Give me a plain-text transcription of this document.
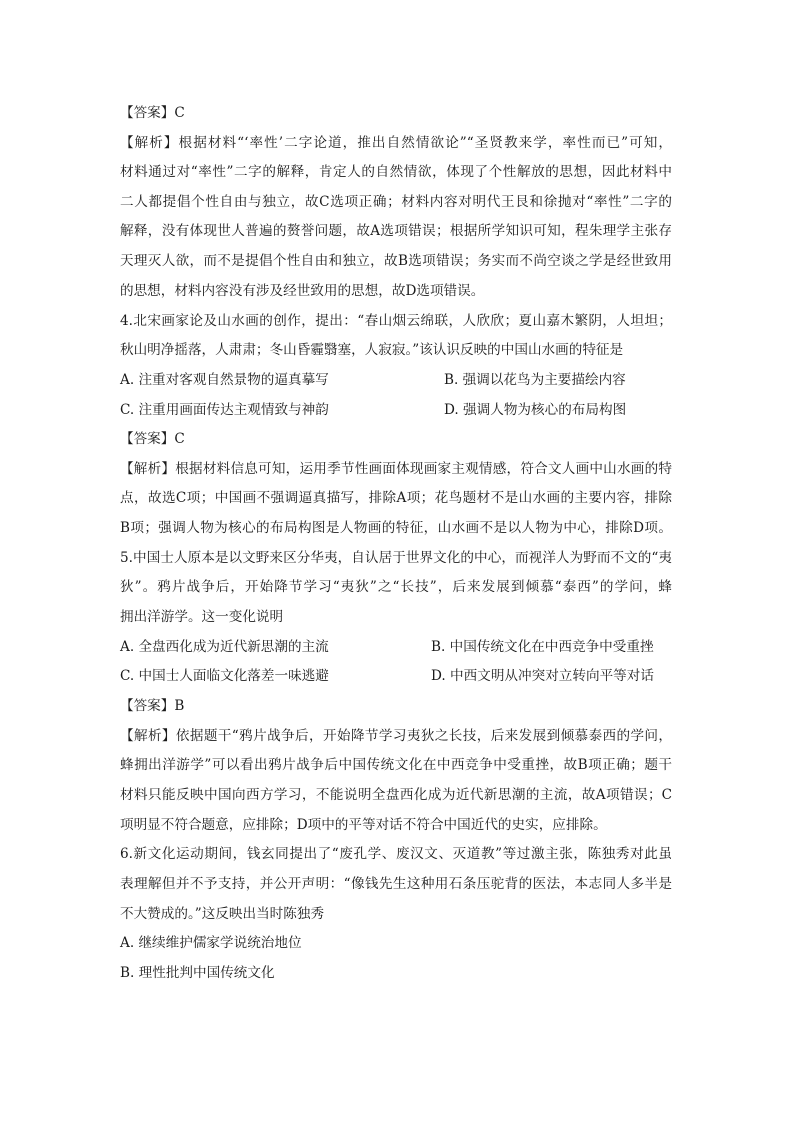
【答案】C
【解析】根据材料“‘率性’二字论道，推出自然情欲论”“圣贤教来学，率性而已”可知，
材料通过对“率性”二字的解释，肯定人的自然情欲，体现了个性解放的思想，因此材料中
二人都提倡个性自由与独立，故C选项正确；材料内容对明代王艮和徐抛对“率性”二字的
解释，没有体现世人普遍的赘誉问题，故A选项错误；根据所学知识可知，程朱理学主张存
天理灭人欲，而不是提倡个性自由和独立，故B选项错误；务实而不尚空谈之学是经世致用
的思想，材料内容没有涉及经世致用的思想，故D选项错误。
4.北宋画家论及山水画的创作，提出：“春山烟云绵联，人欣欣；夏山嘉木繁阴，人坦坦；
秋山明净摇落，人肃肃；冬山昏霾翳塞，人寂寂。”该认识反映的中国山水画的特征是
A. 注重对客观自然景物的逼真摹写	B. 强调以花鸟为主要描绘内容
C. 注重用画面传达主观情致与神韵	D. 强调人物为核心的布局构图
【答案】C
【解析】根据材料信息可知，运用季节性画面体现画家主观情感，符合文人画中山水画的特
点，故选C项；中国画不强调逼真描写，排除A项；花鸟题材不是山水画的主要内容，排除
B项；强调人物为核心的布局构图是人物画的特征，山水画不是以人物为中心，排除D项。
5.中国士人原本是以文野来区分华夷，自认居于世界文化的中心，而视洋人为野而不文的“夷
狄”。鸦片战争后，开始降节学习“夷狄”之“长技”，后来发展到倾慕“泰西”的学问，蜂
拥出洋游学。这一变化说明
A. 全盘西化成为近代新思潮的主流	B. 中国传统文化在中西竞争中受重挫
C. 中国士人面临文化落差一味逃避	D. 中西文明从冲突对立转向平等对话
【答案】B
【解析】依据题干“鸦片战争后，开始降节学习夷狄之长技，后来发展到倾慕泰西的学问，
蜂拥出洋游学”可以看出鸦片战争后中国传统文化在中西竞争中受重挫，故B项正确；题干
材料只能反映中国向西方学习，不能说明全盘西化成为近代新思潮的主流，故A项错误；C
项明显不符合题意，应排除；D项中的平等对话不符合中国近代的史实，应排除。
6.新文化运动期间，钱玄同提出了“废孔学、废汉文、灭道教”等过激主张，陈独秀对此虽
表理解但并不予支持，并公开声明：“像钱先生这种用石条压驼背的医法，本志同人多半是
不大赞成的。”这反映出当时陈独秀
A. 继续维护儒家学说统治地位
B. 理性批判中国传统文化
